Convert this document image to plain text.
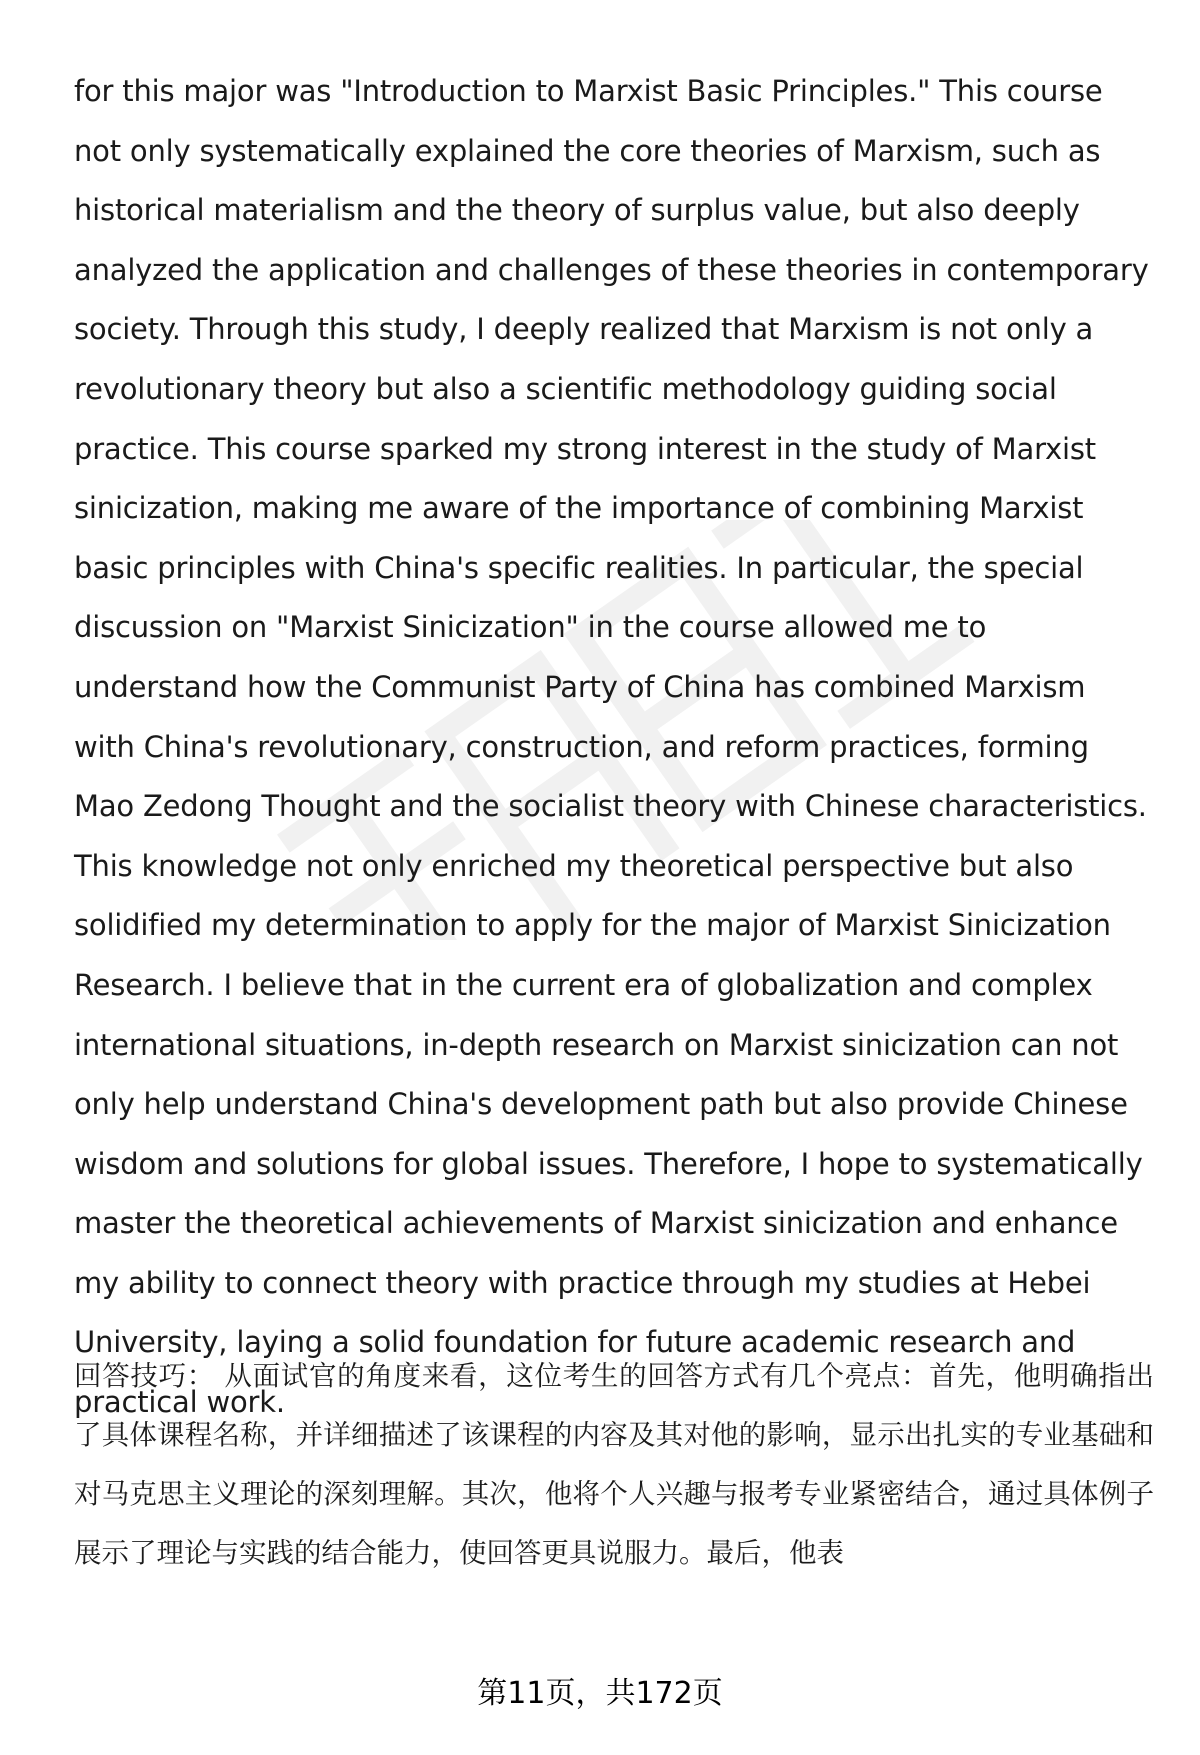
for this major was "Introduction to Marxist Basic Principles." This course not only systematically explained the core theories of Marxism, such as historical materialism and the theory of surplus value, but also deeply analyzed the application and challenges of these theories in contemporary society. Through this study, I deeply realized that Marxism is not only a revolutionary theory but also a scientific methodology guiding social practice. This course sparked my strong interest in the study of Marxist sinicization, making me aware of the importance of combining Marxist basic principles with China's specific realities. In particular, the special discussion on "Marxist Sinicization" in the course allowed me to understand how the Communist Party of China has combined Marxism with China's revolutionary, construction, and reform practices, forming Mao Zedong Thought and the socialist theory with Chinese characteristics. This knowledge not only enriched my theoretical perspective but also solidified my determination to apply for the major of Marxist Sinicization Research. I believe that in the current era of globalization and complex international situations, in-depth research on Marxist sinicization can not only help understand China's development path but also provide Chinese wisdom and solutions for global issues. Therefore, I hope to systematically master the theoretical achievements of Marxist sinicization and enhance my ability to connect theory with practice through my studies at Hebei University, laying a solid foundation for future academic research and practical work.

回答技巧： 从面试官的角度来看，这位考生的回答方式有几个亮点：首先，他明确指出了具体课程名称，并详细描述了该课程的内容及其对他的影响，显示出扎实的专业基础和对马克思主义理论的深刻理解。其次，他将个人兴趣与报考专业紧密结合，通过具体例子展示了理论与实践的结合能力，使回答更具说服力。最后，他表

第11页，共172页
